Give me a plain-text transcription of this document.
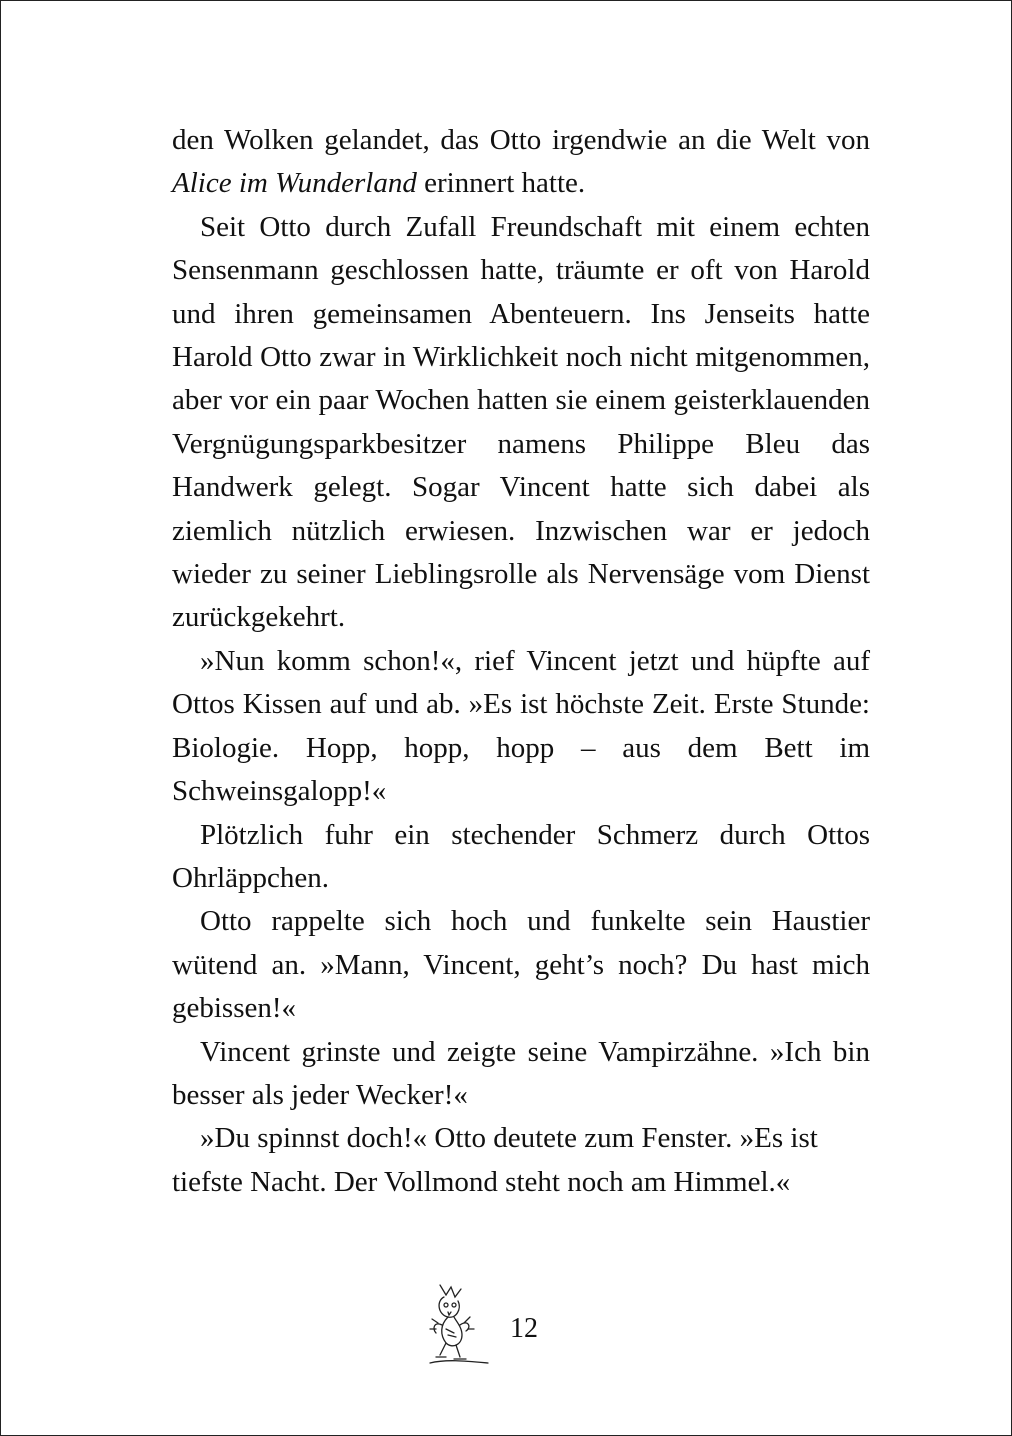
den Wolken gelandet, das Otto irgendwie an die Welt von Alice im Wunderland erinnert hatte.

Seit Otto durch Zufall Freundschaft mit einem echten Sensenmann geschlossen hatte, träumte er oft von Harold und ihren gemeinsamen Abenteuern. Ins Jenseits hatte Harold Otto zwar in Wirklichkeit noch nicht mitgenommen, aber vor ein paar Wochen hatten sie einem geisterklauenden Vergnügungsparkbesitzer namens Philippe Bleu das Handwerk gelegt. Sogar Vincent hatte sich dabei als ziemlich nützlich erwiesen. Inzwischen war er jedoch wieder zu seiner Lieblingsrolle als Nervensäge vom Dienst zurückgekehrt.

»Nun komm schon!«, rief Vincent jetzt und hüpfte auf Ottos Kissen auf und ab. »Es ist höchste Zeit. Erste Stunde: Biologie. Hopp, hopp, hopp – aus dem Bett im Schweinsgalopp!«

Plötzlich fuhr ein stechender Schmerz durch Ottos Ohrläppchen.

Otto rappelte sich hoch und funkelte sein Haustier wütend an. »Mann, Vincent, geht’s noch? Du hast mich gebissen!«

Vincent grinste und zeigte seine Vampirzähne. »Ich bin besser als jeder Wecker!«

»Du spinnst doch!« Otto deutete zum Fenster. »Es ist tiefste Nacht. Der Vollmond steht noch am Himmel.«

12
